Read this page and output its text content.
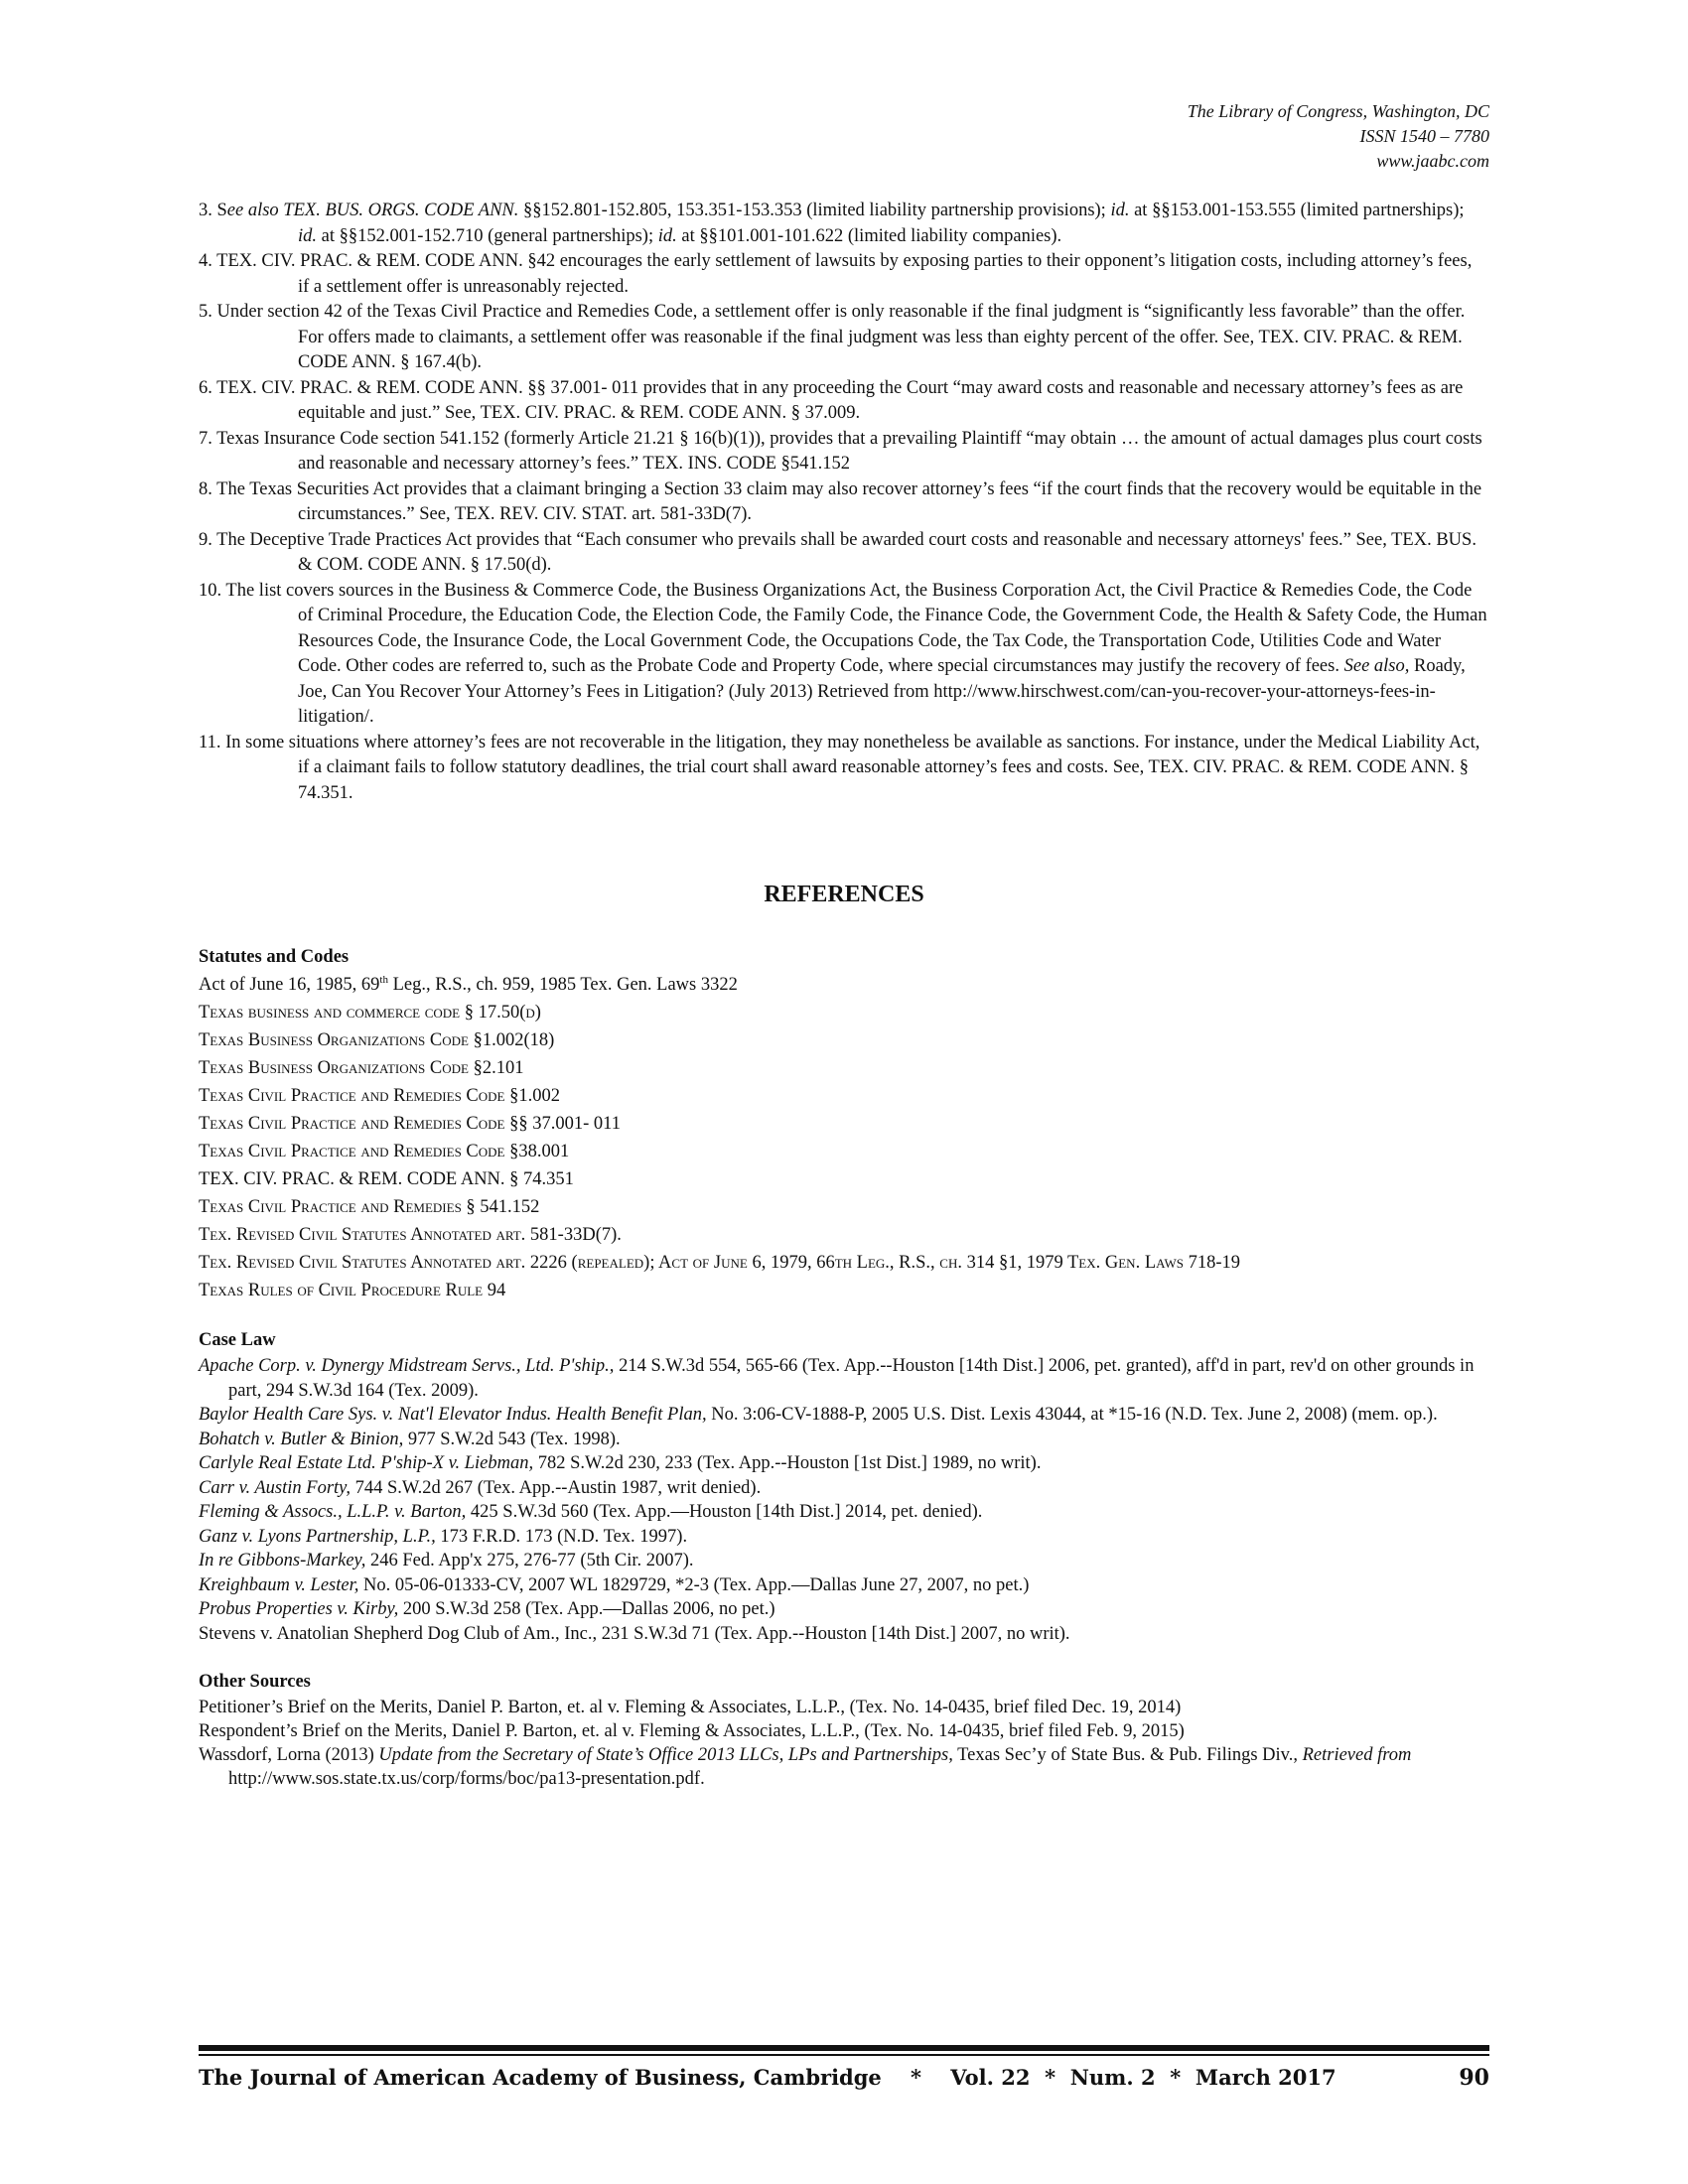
The Library of Congress, Washington, DC
ISSN 1540 – 7780
www.jaabc.com
3. See also TEX. BUS. ORGS. CODE ANN. §§152.801-152.805, 153.351-153.353 (limited liability partnership provisions); id. at §§153.001-153.555 (limited partnerships); id. at §§152.001-152.710 (general partnerships); id. at §§101.001-101.622 (limited liability companies).
4. TEX. CIV. PRAC. & REM. CODE ANN. §42 encourages the early settlement of lawsuits by exposing parties to their opponent’s litigation costs, including attorney’s fees, if a settlement offer is unreasonably rejected.
5. Under section 42 of the Texas Civil Practice and Remedies Code, a settlement offer is only reasonable if the final judgment is “significantly less favorable” than the offer. For offers made to claimants, a settlement offer was reasonable if the final judgment was less than eighty percent of the offer. See, TEX. CIV. PRAC. & REM. CODE ANN. § 167.4(b).
6. TEX. CIV. PRAC. & REM. CODE ANN. §§ 37.001- 011 provides that in any proceeding the Court “may award costs and reasonable and necessary attorney’s fees as are equitable and just.” See, TEX. CIV. PRAC. & REM. CODE ANN. § 37.009.
7. Texas Insurance Code section 541.152 (formerly Article 21.21 § 16(b)(1)), provides that a prevailing Plaintiff “may obtain … the amount of actual damages plus court costs and reasonable and necessary attorney’s fees.” TEX. INS. CODE §541.152
8. The Texas Securities Act provides that a claimant bringing a Section 33 claim may also recover attorney’s fees “if the court finds that the recovery would be equitable in the circumstances.” See, TEX. REV. CIV. STAT. art. 581-33D(7).
9. The Deceptive Trade Practices Act provides that “Each consumer who prevails shall be awarded court costs and reasonable and necessary attorneys' fees.” See, TEX. BUS. & COM. CODE ANN. § 17.50(d).
10. The list covers sources in the Business & Commerce Code, the Business Organizations Act, the Business Corporation Act, the Civil Practice & Remedies Code, the Code of Criminal Procedure, the Education Code, the Election Code, the Family Code, the Finance Code, the Government Code, the Health & Safety Code, the Human Resources Code, the Insurance Code, the Local Government Code, the Occupations Code, the Tax Code, the Transportation Code, Utilities Code and Water Code. Other codes are referred to, such as the Probate Code and Property Code, where special circumstances may justify the recovery of fees. See also, Roady, Joe, Can You Recover Your Attorney’s Fees in Litigation? (July 2013) Retrieved from http://www.hirschwest.com/can-you-recover-your-attorneys-fees-in-litigation/.
11. In some situations where attorney’s fees are not recoverable in the litigation, they may nonetheless be available as sanctions. For instance, under the Medical Liability Act, if a claimant fails to follow statutory deadlines, the trial court shall award reasonable attorney’s fees and costs. See, TEX. CIV. PRAC. & REM. CODE ANN. § 74.351.
REFERENCES
Statutes and Codes
Act of June 16, 1985, 69th Leg., R.S., ch. 959, 1985 Tex. Gen. Laws 3322
Texas business and commerce code § 17.50(d)
Texas Business Organizations Code §1.002(18)
Texas Business Organizations Code §2.101
Texas Civil Practice and Remedies Code §1.002
Texas Civil Practice and Remedies Code §§ 37.001- 011
Texas Civil Practice and Remedies Code §38.001
TEX. CIV. PRAC. & REM. CODE ANN. § 74.351
Texas Civil Practice and Remedies § 541.152
Tex. Revised Civil Statutes Annotated art. 581-33D(7).
Tex. Revised Civil Statutes Annotated art. 2226 (repealed); Act of June 6, 1979, 66th Leg., R.S., ch. 314 §1, 1979 Tex. Gen. Laws 718-19
Texas Rules of Civil Procedure Rule 94
Case Law
Apache Corp. v. Dynergy Midstream Servs., Ltd. P'ship., 214 S.W.3d 554, 565-66 (Tex. App.--Houston [14th Dist.] 2006, pet. granted), aff'd in part, rev'd on other grounds in part, 294 S.W.3d 164 (Tex. 2009).
Baylor Health Care Sys. v. Nat'l Elevator Indus. Health Benefit Plan, No. 3:06-CV-1888-P, 2005 U.S. Dist. Lexis 43044, at *15-16 (N.D. Tex. June 2, 2008) (mem. op.).
Bohatch v. Butler & Binion, 977 S.W.2d 543 (Tex. 1998).
Carlyle Real Estate Ltd. P'ship-X v. Liebman, 782 S.W.2d 230, 233 (Tex. App.--Houston [1st Dist.] 1989, no writ).
Carr v. Austin Forty, 744 S.W.2d 267 (Tex. App.--Austin 1987, writ denied).
Fleming & Assocs., L.L.P. v. Barton, 425 S.W.3d 560 (Tex. App.—Houston [14th Dist.] 2014, pet. denied).
Ganz v. Lyons Partnership, L.P., 173 F.R.D. 173 (N.D. Tex. 1997).
In re Gibbons-Markey, 246 Fed. App'x 275, 276-77 (5th Cir. 2007).
Kreighbaum v. Lester, No. 05-06-01333-CV, 2007 WL 1829729, *2-3 (Tex. App.—Dallas June 27, 2007, no pet.)
Probus Properties v. Kirby, 200 S.W.3d 258 (Tex. App.—Dallas 2006, no pet.)
Stevens v. Anatolian Shepherd Dog Club of Am., Inc., 231 S.W.3d 71 (Tex. App.--Houston [14th Dist.] 2007, no writ).
Other Sources
Petitioner’s Brief on the Merits, Daniel P. Barton, et. al v. Fleming & Associates, L.L.P., (Tex. No. 14-0435, brief filed Dec. 19, 2014)
Respondent’s Brief on the Merits, Daniel P. Barton, et. al v. Fleming & Associates, L.L.P., (Tex. No. 14-0435, brief filed Feb. 9, 2015)
Wassdorf, Lorna (2013) Update from the Secretary of State’s Office 2013 LLCs, LPs and Partnerships, Texas Sec’y of State Bus. & Pub. Filings Div., Retrieved from http://www.sos.state.tx.us/corp/forms/boc/pa13-presentation.pdf.
The Journal of American Academy of Business, Cambridge * Vol. 22 * Num. 2 * March 2017	90
